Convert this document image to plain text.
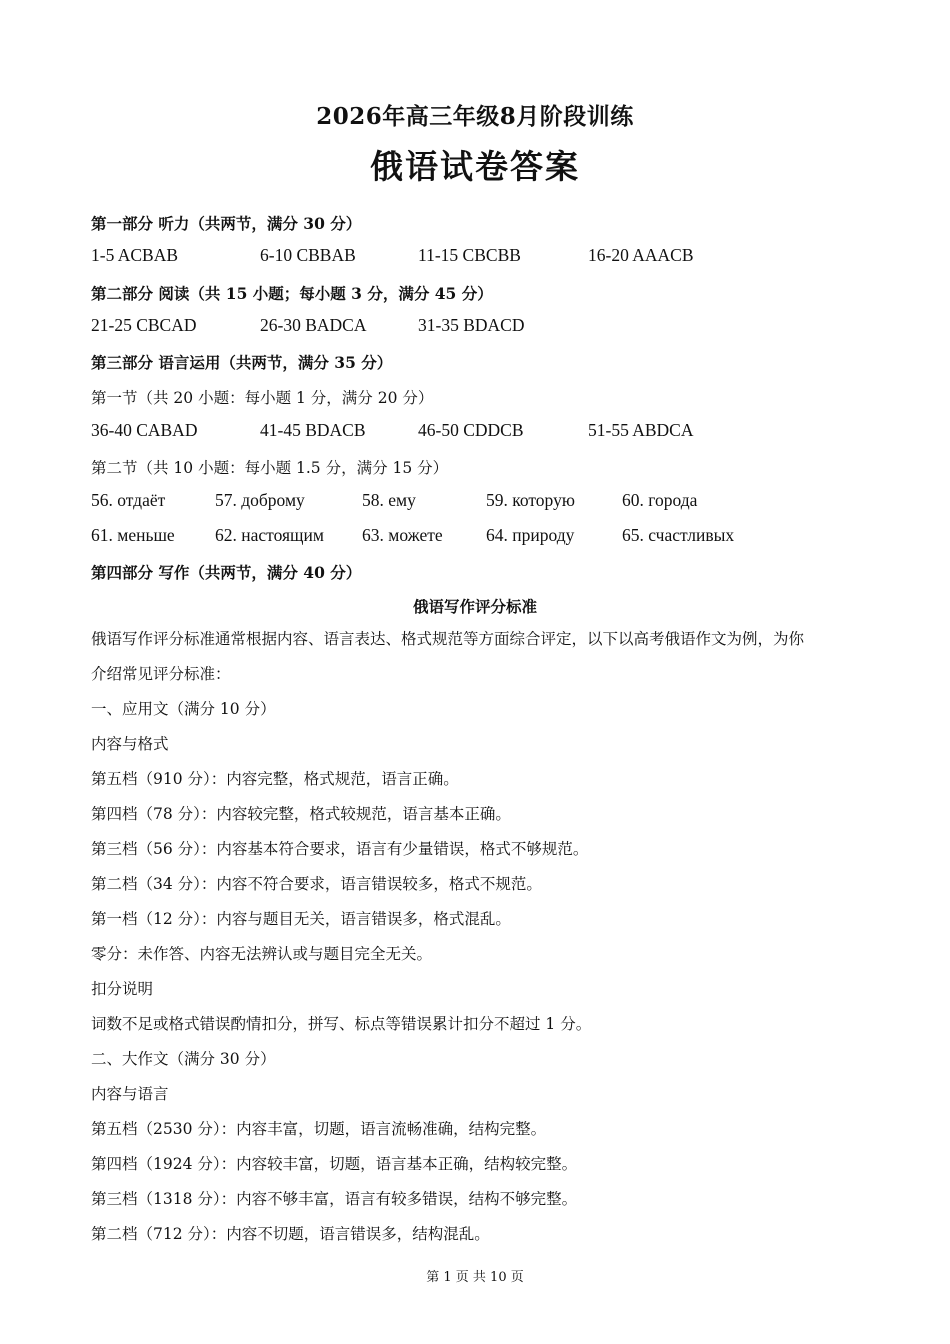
2026年高三年级8月阶段训练
俄语试卷答案
第一部分 听力（共两节，满分 30 分）
1-5 ACBAB	6-10 CBBAB	11-15 CBCBB	16-20 AAACB
第二部分 阅读（共 15 小题；每小题 3 分，满分 45 分）
21-25 CBCAD	26-30 BADCA	31-35 BDACD
第三部分 语言运用（共两节，满分 35 分）
第一节（共 20 小题：每小题 1 分，满分 20 分）
36-40 CABAD	41-45 BDACB	46-50 CDDCB	51-55 ABDCA
第二节（共 10 小题：每小题 1.5 分，满分 15 分）
56. отдаёт	57. доброму	58. ему	59. которую	60. города
61. меньше 62. настоящим 63. можете 64. природу	65. счастливых
第四部分 写作（共两节，满分 40 分）
俄语写作评分标准
俄语写作评分标准通常根据内容、语言表达、格式规范等方面综合评定，以下以高考俄语作文为例，为你
介绍常见评分标准：
一、应用文（满分 10 分）
内容与格式
第五档（910 分）：内容完整，格式规范，语言正确。
第四档（78 分）：内容较完整，格式较规范，语言基本正确。
第三档（56 分）：内容基本符合要求，语言有少量错误，格式不够规范。
第二档（34 分）：内容不符合要求，语言错误较多，格式不规范。
第一档（12 分）：内容与题目无关，语言错误多，格式混乱。
零分：未作答、内容无法辨认或与题目完全无关。
扣分说明
词数不足或格式错误酌情扣分，拼写、标点等错误累计扣分不超过 1 分。
二、大作文（满分 30 分）
内容与语言
第五档（2530 分）：内容丰富，切题，语言流畅准确，结构完整。
第四档（1924 分）：内容较丰富，切题，语言基本正确，结构较完整。
第三档（1318 分）：内容不够丰富，语言有较多错误，结构不够完整。
第二档（712 分）：内容不切题，语言错误多，结构混乱。
第 1 页 共 10 页
